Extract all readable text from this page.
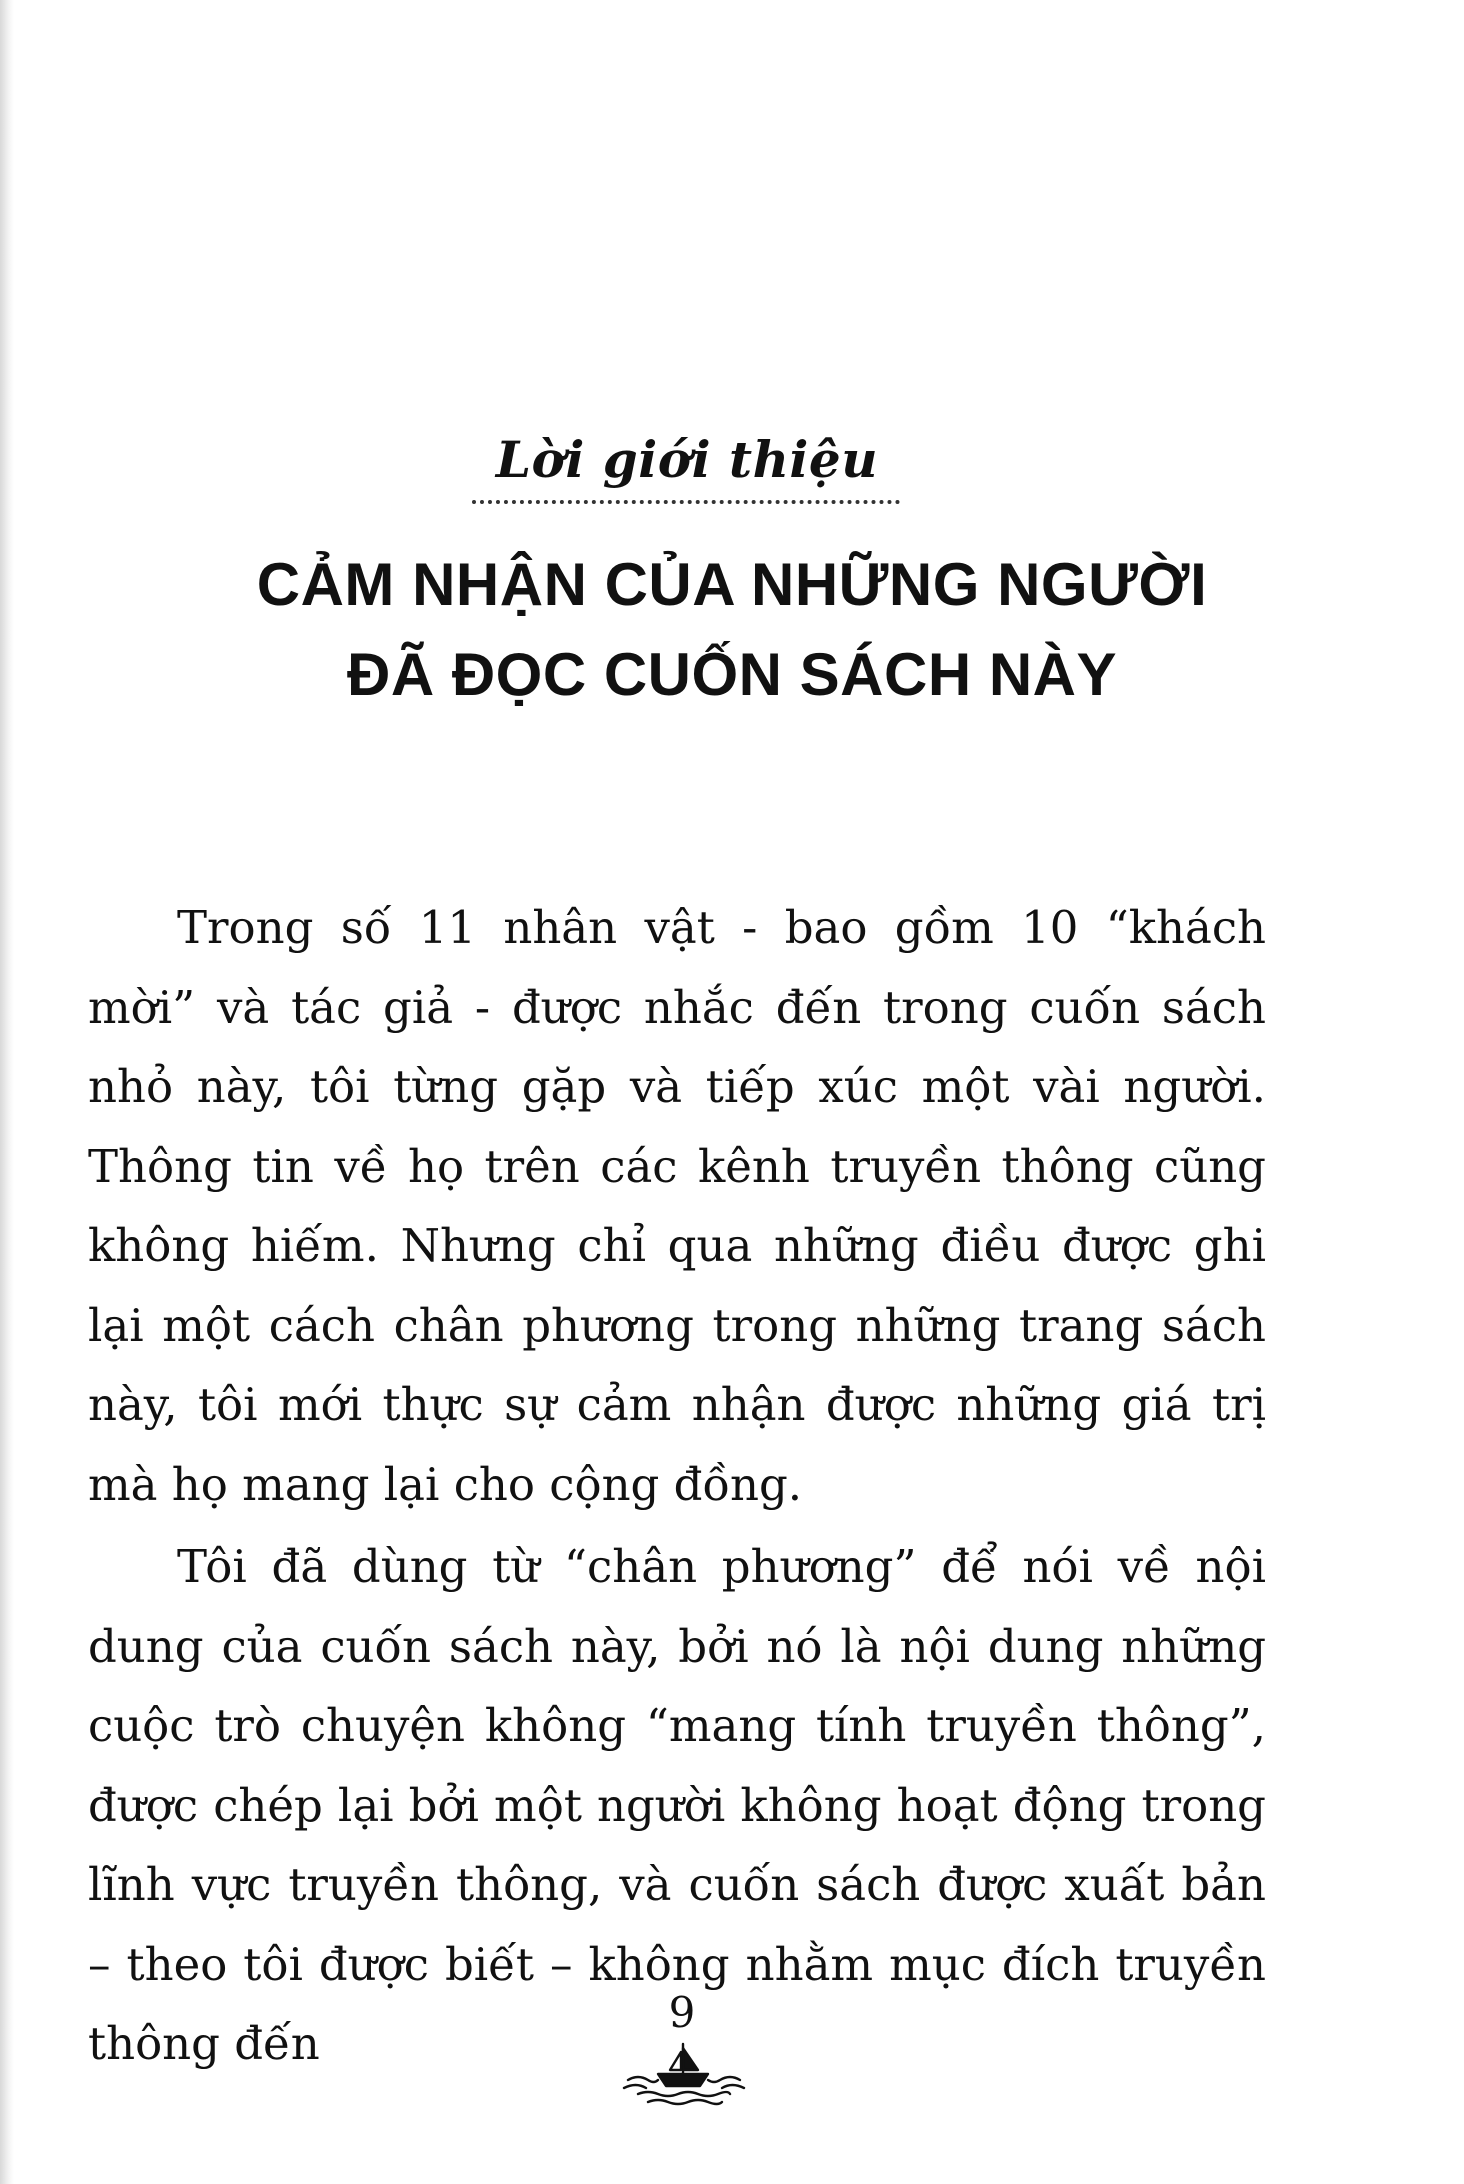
Lời giới thiệu
CẢM NHẬN CỦA NHỮNG NGƯỜI
ĐÃ ĐỌC CUỐN SÁCH NÀY

Trong số 11 nhân vật - bao gồm 10 “khách mời” và tác giả - được nhắc đến trong cuốn sách nhỏ này, tôi từng gặp và tiếp xúc một vài người. Thông tin về họ trên các kênh truyền thông cũng không hiếm. Nhưng chỉ qua những điều được ghi lại một cách chân phương trong những trang sách này, tôi mới thực sự cảm nhận được những giá trị mà họ mang lại cho cộng đồng.

Tôi đã dùng từ “chân phương” để nói về nội dung của cuốn sách này, bởi nó là nội dung những cuộc trò chuyện không “mang tính truyền thông”, được chép lại bởi một người không hoạt động trong lĩnh vực truyền thông, và cuốn sách được xuất bản – theo tôi được biết – không nhằm mục đích truyền thông đến

9
